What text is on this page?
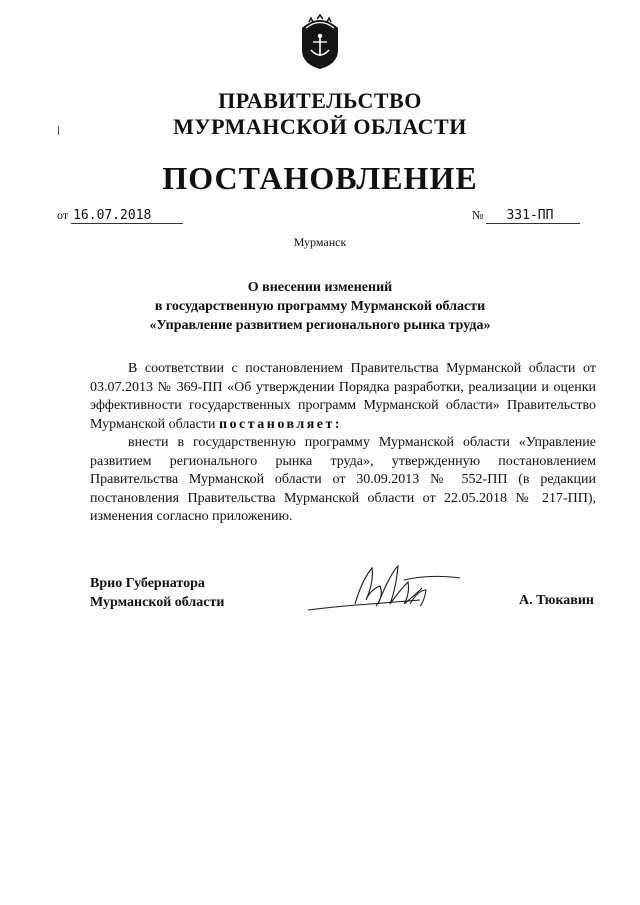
ПРАВИТЕЛЬСТВО
МУРМАНСКОЙ ОБЛАСТИ
ПОСТАНОВЛЕНИЕ
от 16.07.2018	№ 331-ПП
Мурманск
О внесении изменений
в государственную программу Мурманской области
«Управление развитием регионального рынка труда»

В соответствии с постановлением Правительства Мурманской области от 03.07.2013 № 369-ПП «Об утверждении Порядка разработки, реализации и оценки эффективности государственных программ Мурманской области» Правительство Мурманской области постановляет:

внести в государственную программу Мурманской области «Управление развитием регионального рынка труда», утвержденную постановлением Правительства Мурманской области от 30.09.2013 № 552-ПП (в редакции постановления Правительства Мурманской области от 22.05.2018 № 217-ПП), изменения согласно приложению.

Врио Губернатора
Мурманской области	А. Тюкавин
